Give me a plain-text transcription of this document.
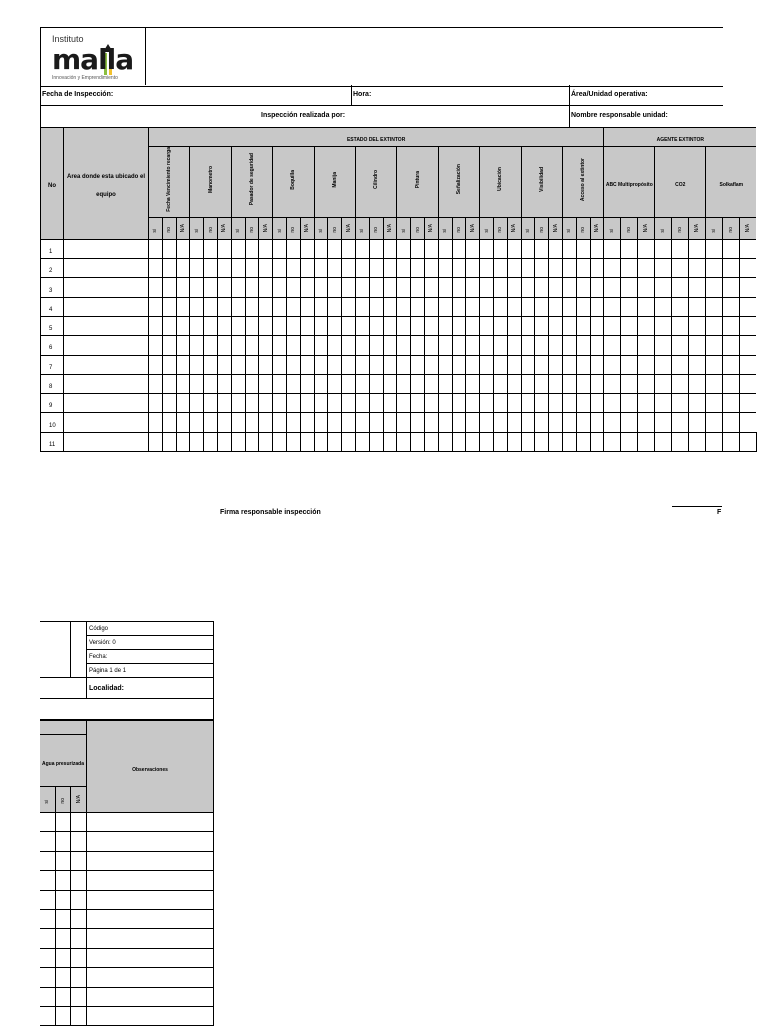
Instituto
malla
Innovación y Emprendimiento
Fecha de Inspección:	Hora:	Área/Unidad operativa:
Inspección realizada por:	Nombre responsable unidad:
No	Area donde esta ubicado el equipo	ESTADO DEL EXTINTOR																																	AGENTE EXTINTOR								
		Fecha Vencimiento recarga			Manometro			Pasador de seguridad			Boquilla			Manija			Cilindro			Pintura			Señalización			Ubicación			Visibilidad			Acceso al extintor			ABC Multipropósito			CO2			Solkaflam		
		si	no	N/A	si	no	N/A	si	no	N/A	si	no	N/A	si	no	N/A	si	no	N/A	si	no	N/A	si	no	N/A	si	no	N/A	si	no	N/A	si	no	N/A	si	no	N/A	si	no	N/A	si	no	N/A
1																																											
2																																											
3																																											
4																																											
5																																											
6																																											
7																																											
8																																											
9																																											
10																																											
11																																											
Firma responsable inspección	F
		Código
		Versión: 0
		Fecha:
		Página 1 de 1
		Localidad:

			Observaciones
Agua presurizada			
si	no	N/A	
